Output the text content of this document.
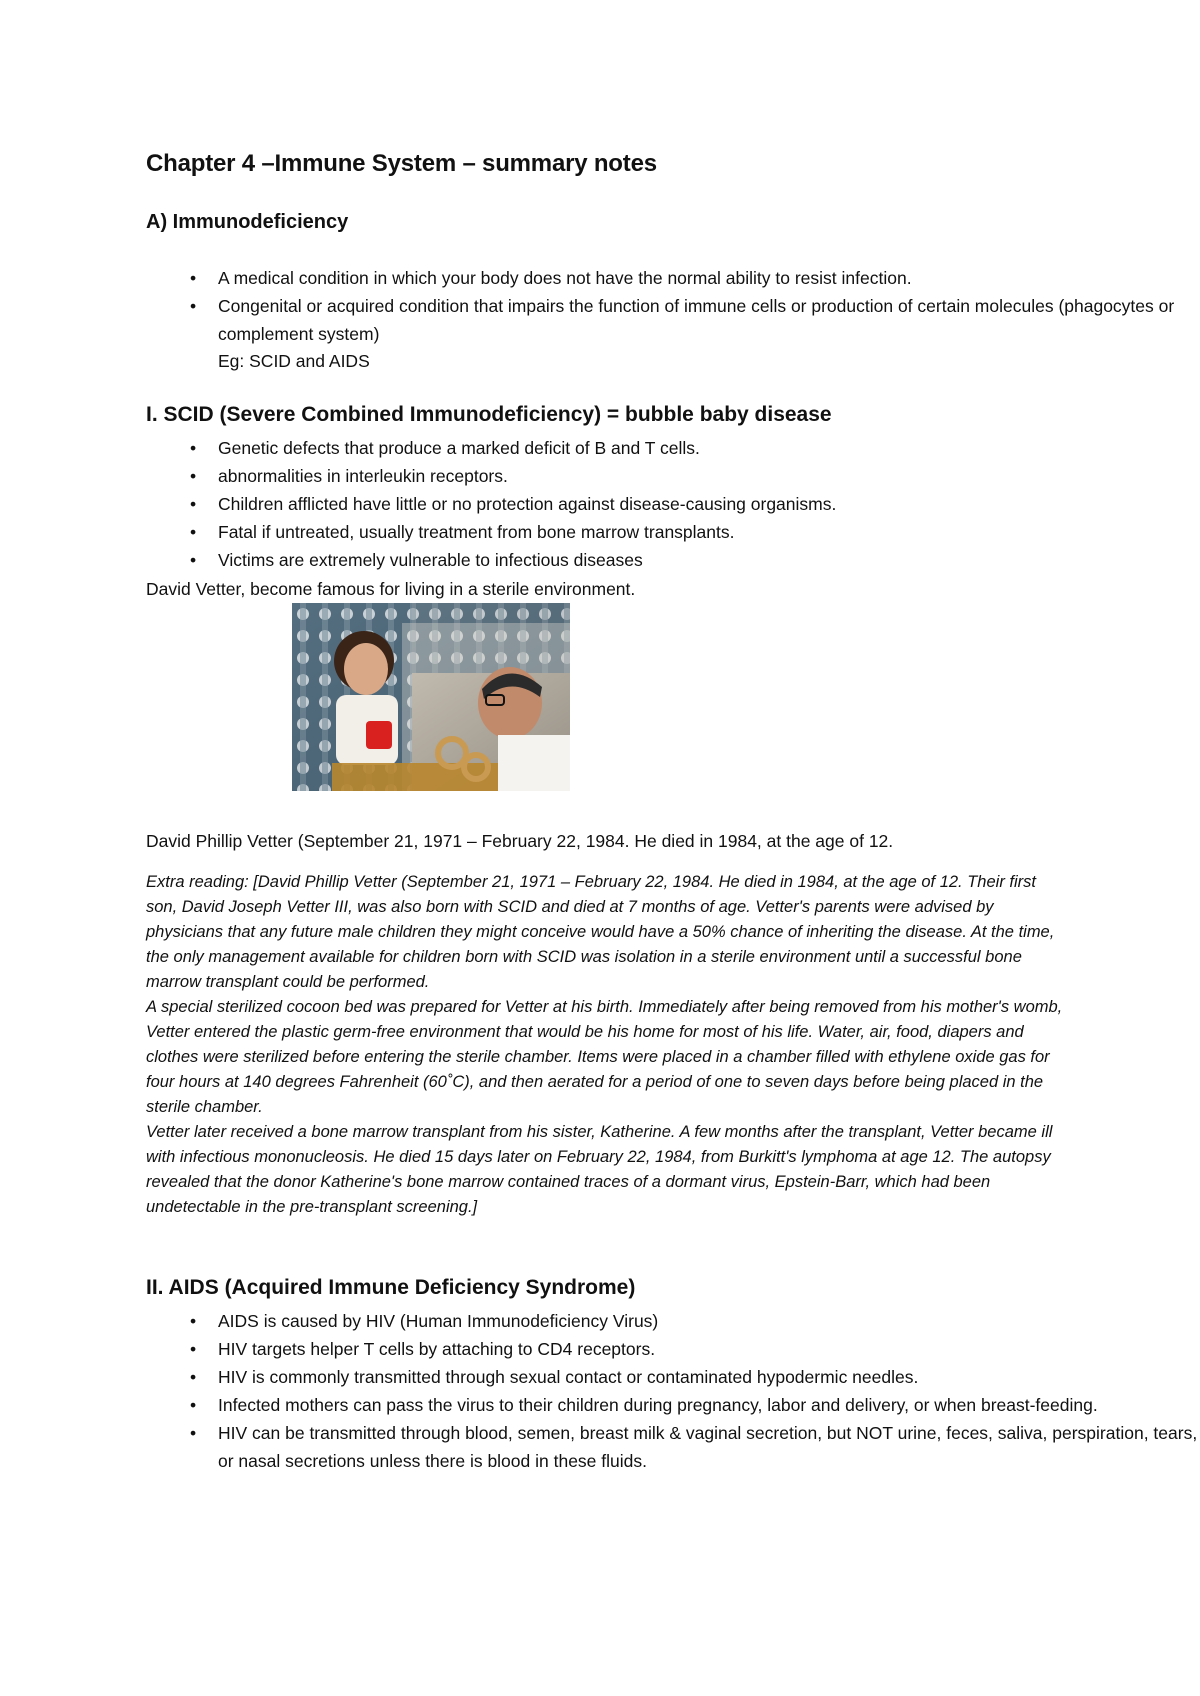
Chapter 4 –Immune System – summary notes
A) Immunodeficiency
• A medical condition in which your body does not have the normal ability to resist infection.
• Congenital or acquired condition that impairs the function of immune cells or production of certain molecules (phagocytes or complement system)
Eg: SCID and AIDS
I. SCID (Severe Combined Immunodeficiency) = bubble baby disease
• Genetic defects that produce a marked deficit of B and T cells.
• abnormalities in interleukin receptors.
• Children afflicted have little or no protection against disease-causing organisms.
• Fatal if untreated, usually treatment from bone marrow transplants.
• Victims are extremely vulnerable to infectious diseases
David Vetter, become famous for living in a sterile environment.
David Phillip Vetter (September 21, 1971 – February 22, 1984. He died in 1984, at the age of 12.

Extra reading: [David Phillip Vetter (September 21, 1971 – February 22, 1984. He died in 1984, at the age of 12. Their first son, David Joseph Vetter III, was also born with SCID and died at 7 months of age. Vetter's parents were advised by physicians that any future male children they might conceive would have a 50% chance of inheriting the disease. At the time, the only management available for children born with SCID was isolation in a sterile environment until a successful bone marrow transplant could be performed.

A special sterilized cocoon bed was prepared for Vetter at his birth. Immediately after being removed from his mother's womb, Vetter entered the plastic germ-free environment that would be his home for most of his life. Water, air, food, diapers and clothes were sterilized before entering the sterile chamber. Items were placed in a chamber filled with ethylene oxide gas for four hours at 140 degrees Fahrenheit (60˚C), and then aerated for a period of one to seven days before being placed in the sterile chamber.

Vetter later received a bone marrow transplant from his sister, Katherine. A few months after the transplant, Vetter became ill with infectious mononucleosis. He died 15 days later on February 22, 1984, from Burkitt's lymphoma at age 12. The autopsy revealed that the donor Katherine's bone marrow contained traces of a dormant virus, Epstein-Barr, which had been undetectable in the pre-transplant screening.]

II. AIDS (Acquired Immune Deficiency Syndrome)
• AIDS is caused by HIV (Human Immunodeficiency Virus)
• HIV targets helper T cells by attaching to CD4 receptors.
• HIV is commonly transmitted through sexual contact or contaminated hypodermic needles.
• Infected mothers can pass the virus to their children during pregnancy, labor and delivery, or when breast-feeding.
• HIV can be transmitted through blood, semen, breast milk & vaginal secretion, but NOT urine, feces, saliva, perspiration, tears, or nasal secretions unless there is blood in these fluids.
